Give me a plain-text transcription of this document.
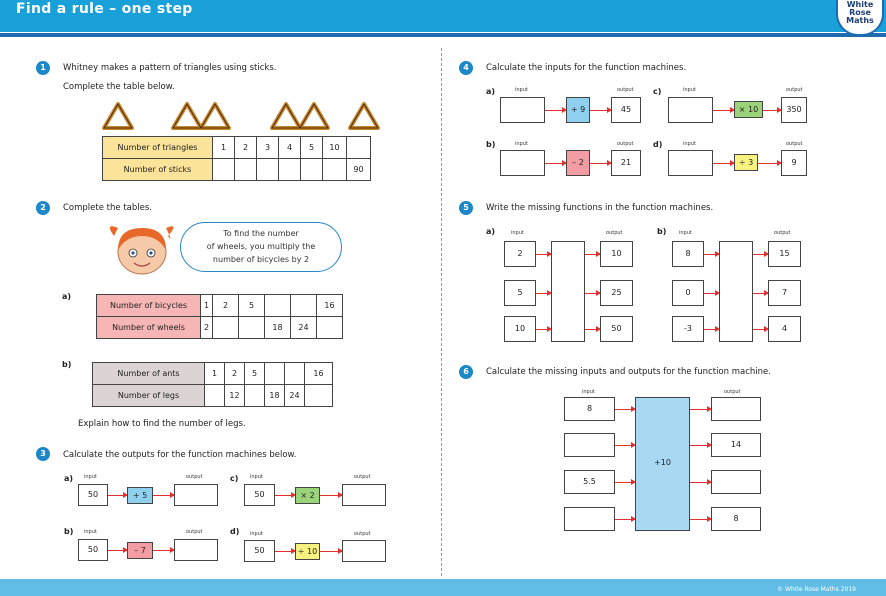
Find a rule – one step	White
Rose
Maths
1	Whitney makes a pattern of triangles using sticks.
Complete the table below.
Number of triangles	1	2	3	4	5	10	
Number of sticks							90
2	Complete the tables.
To find the number
of wheels, you multiply the
number of bicycles by 2
a)
Number of bicycles	1	2	5			16
Number of wheels	2			18	24	
b)
Number of ants	1	2	5			16
Number of legs		12		18	24	
Explain how to find the number of legs.
3	Calculate the outputs for the function machines below.
a) input	output
50	+ 5
c) input	output
50	× 2
b) input	output
50	– 7
d) input	output
50	÷ 10
4	Calculate the inputs for the function machines.
a)	input	output
+ 9	45
c)	input	output
× 10	350
b)	input	output
– 2	21
d)	input	output
÷ 3	9
5	Write the missing functions in the function machines.
a)	input	output
2
5
10
10
25
50
b)	input	output
8
0
-3
15
7
4
6	Calculate the missing inputs and outputs for the function machine.
input	output
8
5.5
+10
14
8
© White Rose Maths 2019
